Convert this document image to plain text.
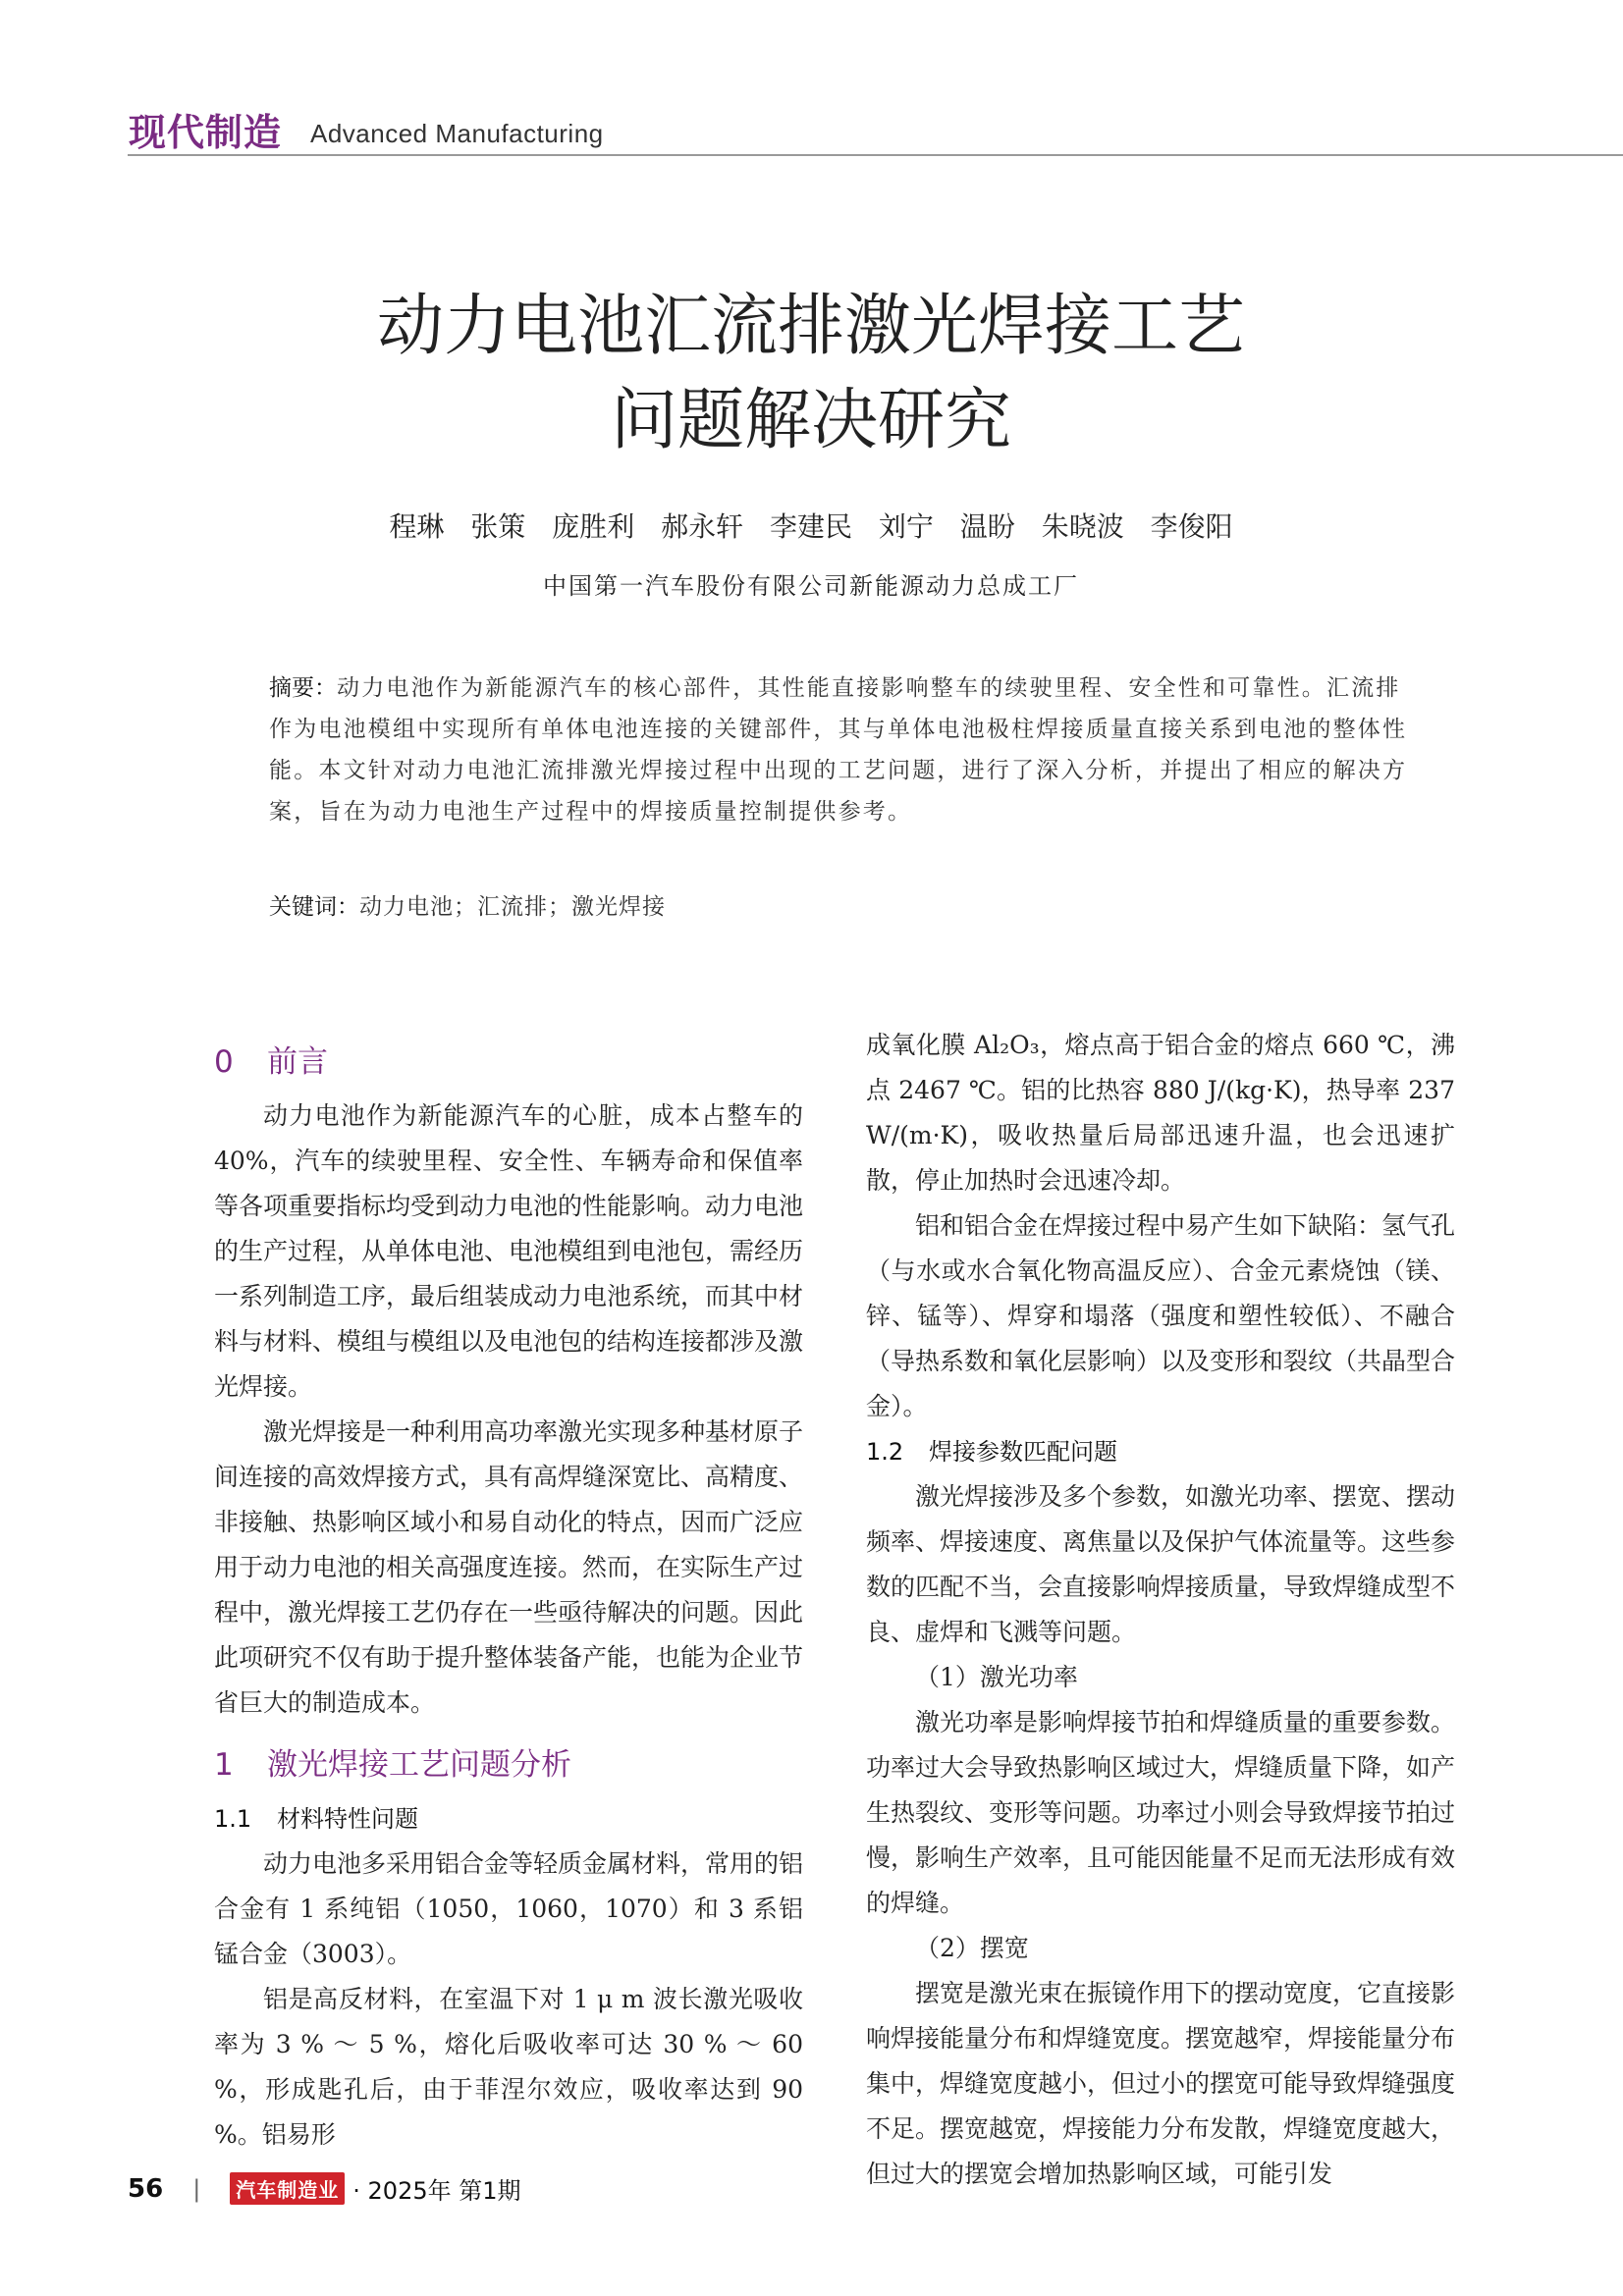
现代制造 Advanced Manufacturing
动力电池汇流排激光焊接工艺
问题解决研究
程琳 张策 庞胜利 郝永轩 李建民 刘宁 温盼 朱晓波 李俊阳
中国第一汽车股份有限公司新能源动力总成工厂
摘要：动力电池作为新能源汽车的核心部件，其性能直接影响整车的续驶里程、安全性和可靠性。汇流排作为电池模组中实现所有单体电池连接的关键部件，其与单体电池极柱焊接质量直接关系到电池的整体性能。本文针对动力电池汇流排激光焊接过程中出现的工艺问题，进行了深入分析，并提出了相应的解决方案，旨在为动力电池生产过程中的焊接质量控制提供参考。
关键词：动力电池；汇流排；激光焊接
0 前言

动力电池作为新能源汽车的心脏，成本占整车的40%，汽车的续驶里程、安全性、车辆寿命和保值率等各项重要指标均受到动力电池的性能影响。动力电池的生产过程，从单体电池、电池模组到电池包，需经历一系列制造工序，最后组装成动力电池系统，而其中材料与材料、模组与模组以及电池包的结构连接都涉及激光焊接。

激光焊接是一种利用高功率激光实现多种基材原子间连接的高效焊接方式，具有高焊缝深宽比、高精度、非接触、热影响区域小和易自动化的特点，因而广泛应用于动力电池的相关高强度连接。然而，在实际生产过程中，激光焊接工艺仍存在一些亟待解决的问题。因此此项研究不仅有助于提升整体装备产能，也能为企业节省巨大的制造成本。

1 激光焊接工艺问题分析
1.1 材料特性问题

动力电池多采用铝合金等轻质金属材料，常用的铝合金有 1 系纯铝（1050，1060，1070）和 3 系铝锰合金（3003）。

铝是高反材料，在室温下对 1 μ m 波长激光吸收率为 3 % ～ 5 %，熔化后吸收率可达 30 % ～ 60 %，形成匙孔后，由于菲涅尔效应，吸收率达到 90 %。铝易形

成氧化膜 Al₂O₃，熔点高于铝合金的熔点 660 ℃，沸点 2467 ℃。铝的比热容 880 J/(kg·K)，热导率 237 W/(m·K)，吸收热量后局部迅速升温，也会迅速扩散，停止加热时会迅速冷却。

铝和铝合金在焊接过程中易产生如下缺陷：氢气孔（与水或水合氧化物高温反应）、合金元素烧蚀（镁、锌、锰等）、焊穿和塌落（强度和塑性较低）、不融合（导热系数和氧化层影响）以及变形和裂纹（共晶型合金）。

1.2 焊接参数匹配问题

激光焊接涉及多个参数，如激光功率、摆宽、摆动频率、焊接速度、离焦量以及保护气体流量等。这些参数的匹配不当，会直接影响焊接质量，导致焊缝成型不良、虚焊和飞溅等问题。

（1）激光功率

激光功率是影响焊接节拍和焊缝质量的重要参数。功率过大会导致热影响区域过大，焊缝质量下降，如产生热裂纹、变形等问题。功率过小则会导致焊接节拍过慢，影响生产效率，且可能因能量不足而无法形成有效的焊缝。

（2）摆宽

摆宽是激光束在振镜作用下的摆动宽度，它直接影响焊接能量分布和焊缝宽度。摆宽越窄，焊接能量分布集中，焊缝宽度越小，但过小的摆宽可能导致焊缝强度不足。摆宽越宽，焊接能力分布发散，焊缝宽度越大，但过大的摆宽会增加热影响区域，可能引发

56 |	汽车制造业 · 2025年 第1期
